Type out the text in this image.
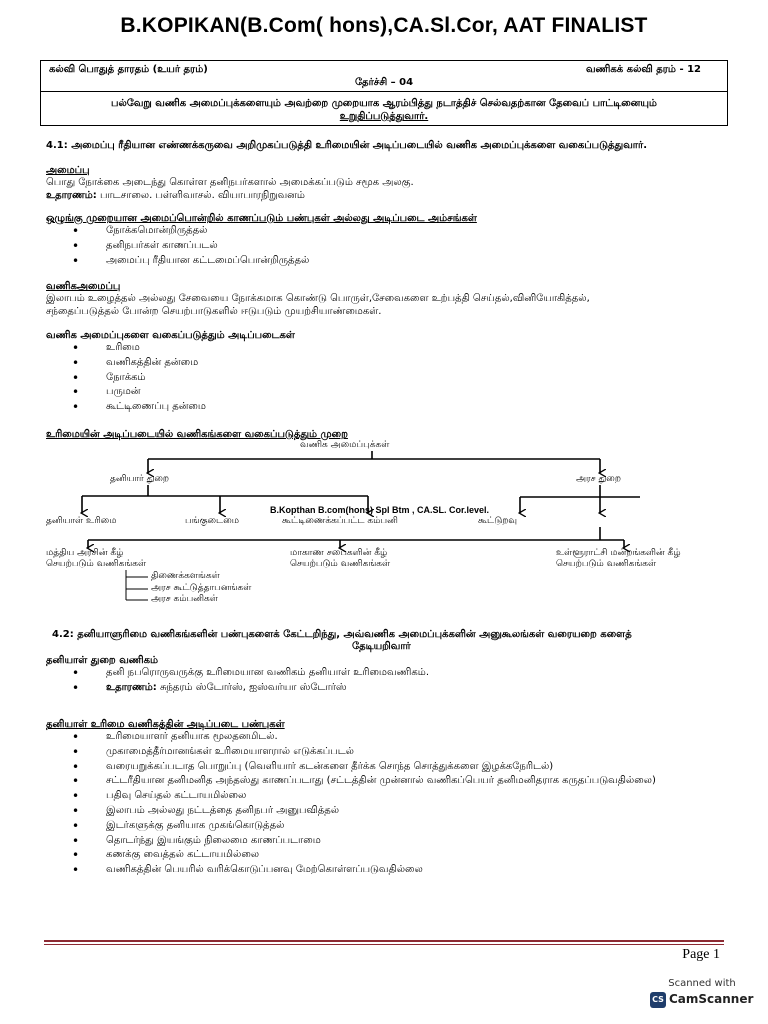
B.KOPIKAN(B.Com( hons),CA.Sl.Cor, AAT FINALIST
கல்வி பொதுத் தாரதம் (உயர் தரம்)	வணிகக் கல்வி தரம் - 12
தேர்ச்சி – 04
பல்வேறு வணிக அமைப்புக்களையும் அவற்றை முறையாக ஆரம்பித்து நடாத்திச் செல்வதற்கான தேவைப் பாட்டினையும்
உறுதிப்படுத்துவார்.
4.1: அமைப்பு ரீதியான எண்ணக்கருவை அறிமுகப்படுத்தி உரிமையின் அடிப்படையில் வணிக அமைப்புக்களை வகைப்படுத்துவார்.
அமைப்பு
பொது நோக்கை அடைந்து கொள்ள தனிநபர்களால் அமைக்கப்படும் சமூக அலகு.
உதாரணம்: பாடசாலை. பள்ளிவாசல். வியாபாரநிறுவனம்
ஒழுங்கு முறையான அமைப்பொன்றில் காணப்படும் பண்புகள் அல்லது அடிப்படை அம்சங்கள்
• நோக்கமொன்றிருத்தல்
• தனிநபர்கள் காணப்படல்
• அமைப்பு ரீதியான கட்டமைப்பொன்றிருத்தல்
வணிகஅமைப்பு
இலாபம் உழைத்தல் அல்லது சேவையை நோக்கமாக கொண்டு பொருள்,சேவைகளை உற்பத்தி செய்தல்,வினியோகித்தல்,
சந்தைப்படுத்தல் போன்ற செயற்பாடுகளில் ஈடுபடும் முயற்சியாண்மைகள்.
வணிக அமைப்புகளை வகைப்படுத்தும் அடிப்படைகள்
• உரிமை
• வணிகத்தின் தன்மை
• நோக்கம்
• பருமன்
• கூட்டிணைப்பு தன்மை
உரிமையின் அடிப்படையில் வணிகங்களை வகைப்படுத்தும் முறை
வணிக அமைப்புக்கள்
தனியார் துறை	அரச துறை
தனியாள் உரிமை	பங்குடைமை	கூட்டிணைக்கப்பட்ட கம்பனி	கூட்டுறவு
B.Kopthan B.com(hons) Spl Btm , CA.SL. Cor.level.
மத்திய அரசின் கீழ்
செயற்படும் வணிகங்கள்
மாகாண சபைகளின் கீழ்
செயற்படும் வணிகங்கள்
உள்ளூராட்சி மன்றங்களின் கீழ்
செயற்படும் வணிகங்கள்
திணைக்களங்கள்
அரச கூட்டுத்தாபனங்கள்
அரச கம்பனிகள்
4.2: தனியாளுரிமை வணிகங்களின் பண்புகளைக் கேட்டறிந்து, அவ்வணிக அமைப்புக்களின் அனுகூலங்கள் வரையறை களைத்
தேடியறிவார்
தனியாள் துறை வணிகம்
• தனி நபரொருவருக்கு உரிமையான வணிகம் தனியாள் உரிமைவணிகம்.
• உதாரணம்: சுந்தரம் ஸ்டோர்ஸ், ஐஸ்வர்யா ஸ்டோர்ஸ்
தனியாள் உரிமை வணிகத்தின் அடிப்படை பண்புகள்
• உரிமையாளர் தனியாக மூலதனமிடல்.
• முகாமைத்தீர்மானங்கள் உரிமையாளரால் எடுக்கப்படல்
• வரையறுக்கப்படாத பொறுப்பு (வெளியார் கடன்களை தீர்க்க சொந்த சொத்துக்களை இழக்கநேரிடல்)
• சட்டரீதியான தனிமனித அந்தஸ்து காணப்படாது (சட்டத்தின் முன்னால் வணிகப்பெயர் தனிமனிதராக கருதப்படுவதில்லை)
• பதிவு செய்தல் கட்டாயமில்லை
• இலாபம் அல்லது நட்டத்தை தனிநபர் அனுபவித்தல்
• இடர்களுக்கு தனியாக முகங்கொடுத்தல்
• தொடர்ந்து இயங்கும் நிலைமை காணப்படாமை
• கணக்கு வைத்தல் கட்டாயமில்லை
• வணிகத்தின் பெயரில் வரிக்கொடுப்பனவு மேற்கொள்ளப்படுவதில்லை
Page 1
Scanned with
CS CamScanner
